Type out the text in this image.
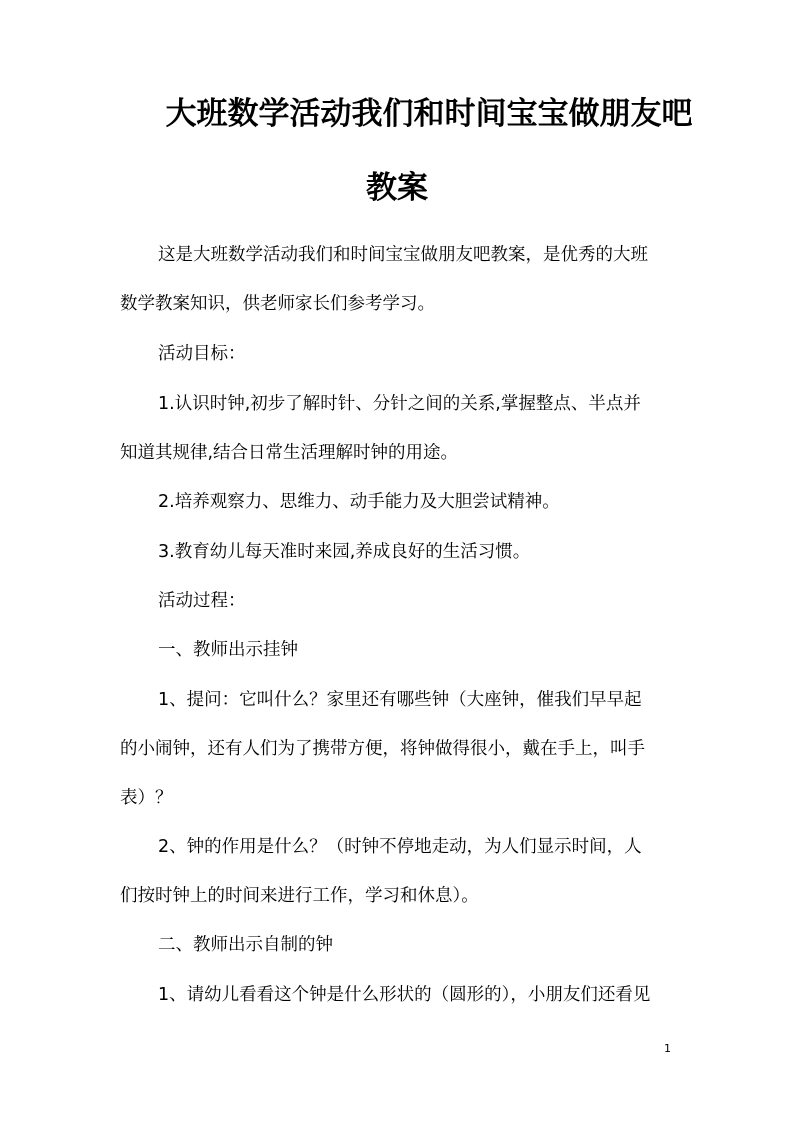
大班数学活动我们和时间宝宝做朋友吧
教案

这是大班数学活动我们和时间宝宝做朋友吧教案，是优秀的大班

数学教案知识，供老师家长们参考学习。

活动目标：

1.认识时钟,初步了解时针、分针之间的关系,掌握整点、半点并

知道其规律,结合日常生活理解时钟的用途。

2.培养观察力、思维力、动手能力及大胆尝试精神。

3.教育幼儿每天准时来园,养成良好的生活习惯。

活动过程：

一、教师出示挂钟

1、提问：它叫什么？家里还有哪些钟（大座钟，催我们早早起

的小闹钟，还有人们为了携带方便，将钟做得很小，戴在手上，叫手

表）？

2、钟的作用是什么？（时钟不停地走动，为人们显示时间，人

们按时钟上的时间来进行工作，学习和休息）。

二、教师出示自制的钟

1、请幼儿看看这个钟是什么形状的（圆形的），小朋友们还看见

1
